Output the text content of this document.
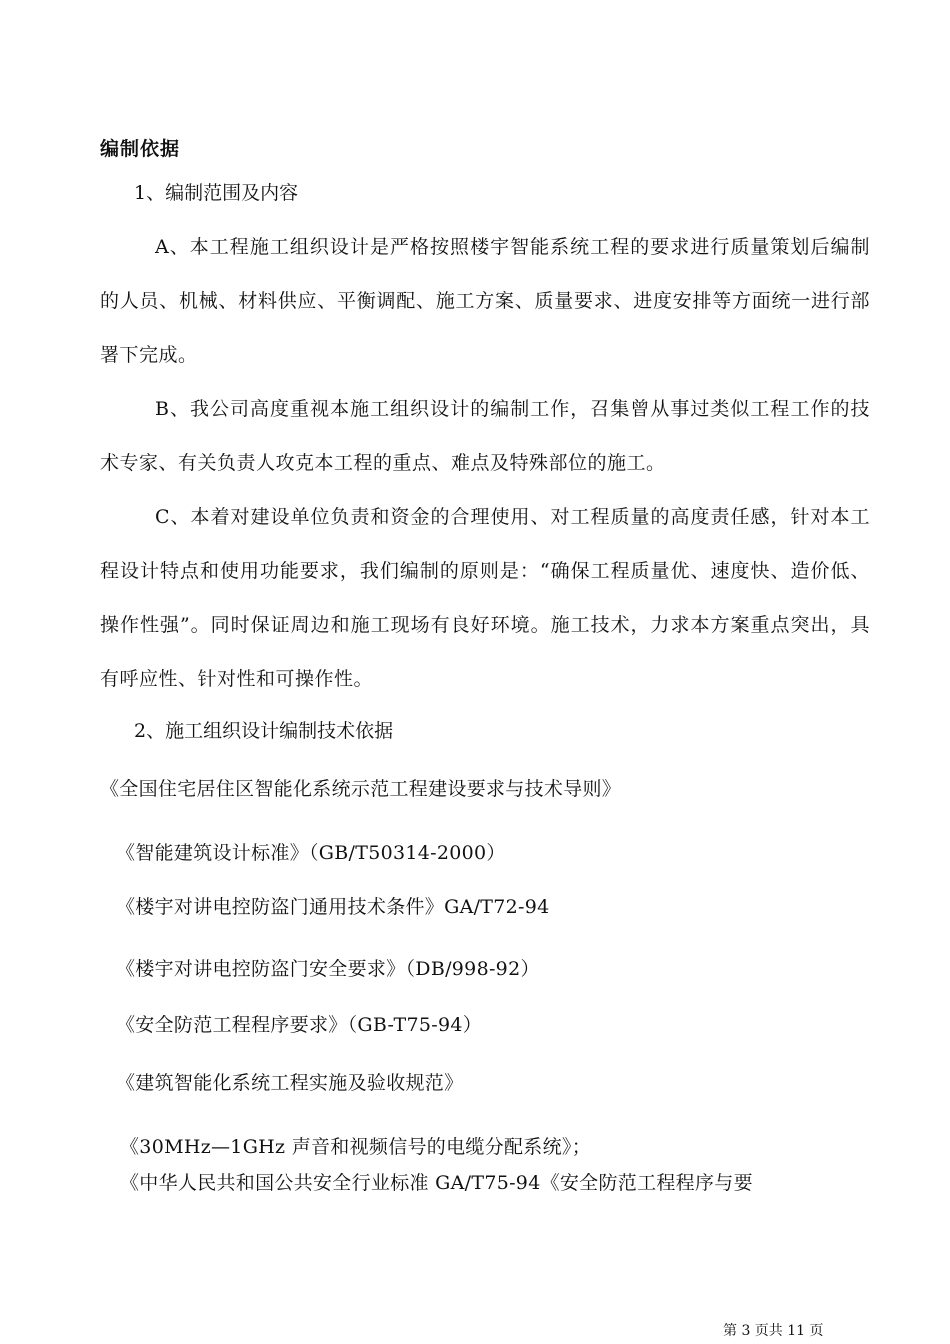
编制依据
1、编制范围及内容
A、本工程施工组织设计是严格按照楼宇智能系统工程的要求进行质量策划后编制的人员、机械、材料供应、平衡调配、施工方案、质量要求、进度安排等方面统一进行部署下完成。
B、我公司高度重视本施工组织设计的编制工作，召集曾从事过类似工程工作的技术专家、有关负责人攻克本工程的重点、难点及特殊部位的施工。
C、本着对建设单位负责和资金的合理使用、对工程质量的高度责任感，针对本工程设计特点和使用功能要求，我们编制的原则是：“确保工程质量优、速度快、造价低、操作性强”。同时保证周边和施工现场有良好环境。施工技术，力求本方案重点突出，具有呼应性、针对性和可操作性。
2、施工组织设计编制技术依据
《全国住宅居住区智能化系统示范工程建设要求与技术导则》
《智能建筑设计标准》（GB/T50314-2000）
《楼宇对讲电控防盗门通用技术条件》GA/T72-94
《楼宇对讲电控防盗门安全要求》（DB/998-92）
《安全防范工程程序要求》（GB-T75-94）
《建筑智能化系统工程实施及验收规范》
《30MHz—1GHz 声音和视频信号的电缆分配系统》；
《中华人民共和国公共安全行业标准 GA/T75-94《安全防范工程程序与要
第 3 页共 11 页
